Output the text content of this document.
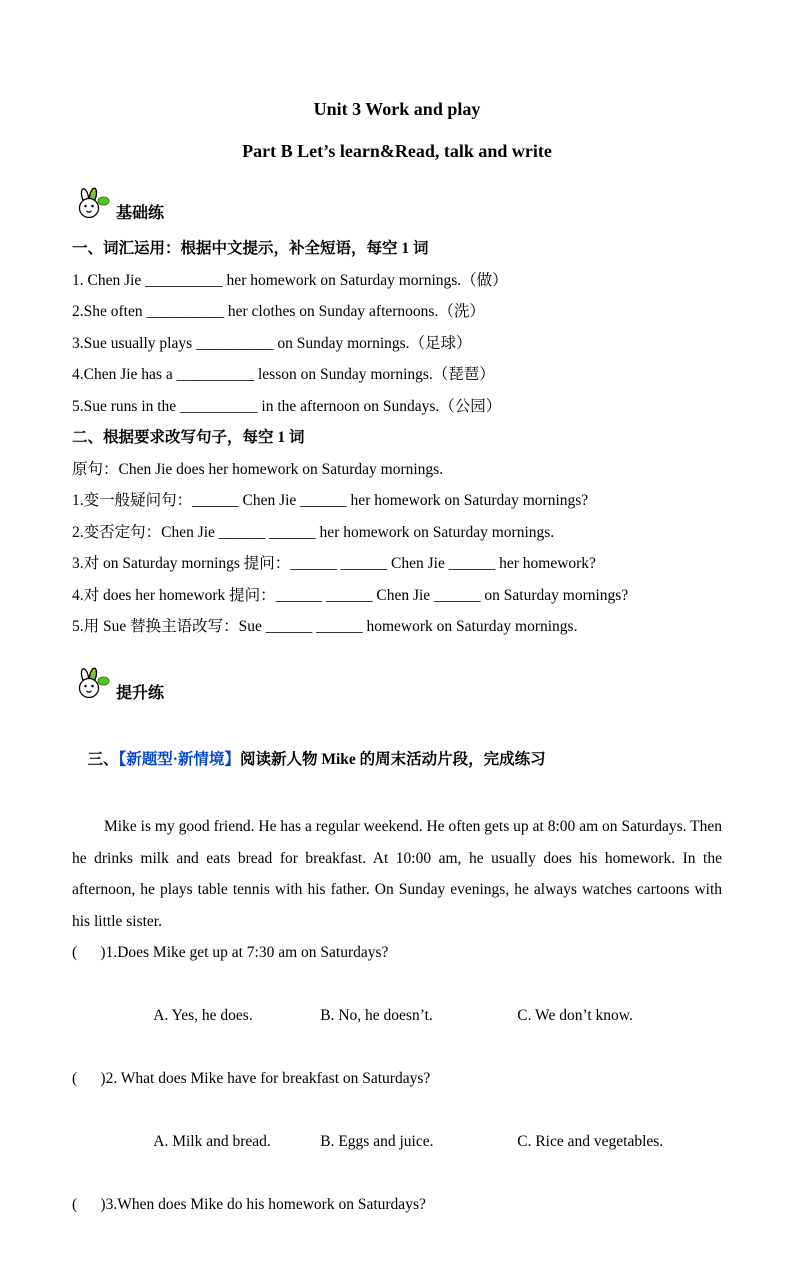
Unit 3 Work and play
Part B Let’s learn&Read, talk and write
基础练
一、词汇运用：根据中文提示，补全短语，每空 1 词
1. Chen Jie __________ her homework on Saturday mornings.（做）
2.She often __________ her clothes on Sunday afternoons.（洗）
3.Sue usually plays __________ on Sunday mornings.（足球）
4.Chen Jie has a __________ lesson on Sunday mornings.（琵琶）
5.Sue runs in the __________ in the afternoon on Sundays.（公园）
二、根据要求改写句子，每空 1 词
原句：Chen Jie does her homework on Saturday mornings.
1.变一般疑问句：______ Chen Jie ______ her homework on Saturday mornings?
2.变否定句：Chen Jie ______ ______ her homework on Saturday mornings.
3.对 on Saturday mornings 提问：______ ______ Chen Jie ______ her homework?
4.对 does her homework 提问：______ ______ Chen Jie ______ on Saturday mornings?
5.用 Sue 替换主语改写：Sue ______ ______ homework on Saturday mornings.
提升练

三、【新题型·新情境】阅读新人物 Mike 的周末活动片段，完成练习

Mike is my good friend. He has a regular weekend. He often gets up at 8:00 am on Saturdays. Then he drinks milk and eats bread for breakfast. At 10:00 am, he usually does his homework. In the afternoon, he plays table tennis with his father. On Sunday evenings, he always watches cartoons with his little sister.

(      )1.Does Mike get up at 7:30 am on Saturdays?

A. Yes, he does.	B. No, he doesn’t.	C. We don’t know.

(      )2. What does Mike have for breakfast on Saturdays?

A. Milk and bread.	B. Eggs and juice.	C. Rice and vegetables.

(      )3.When does Mike do his homework on Saturdays?
